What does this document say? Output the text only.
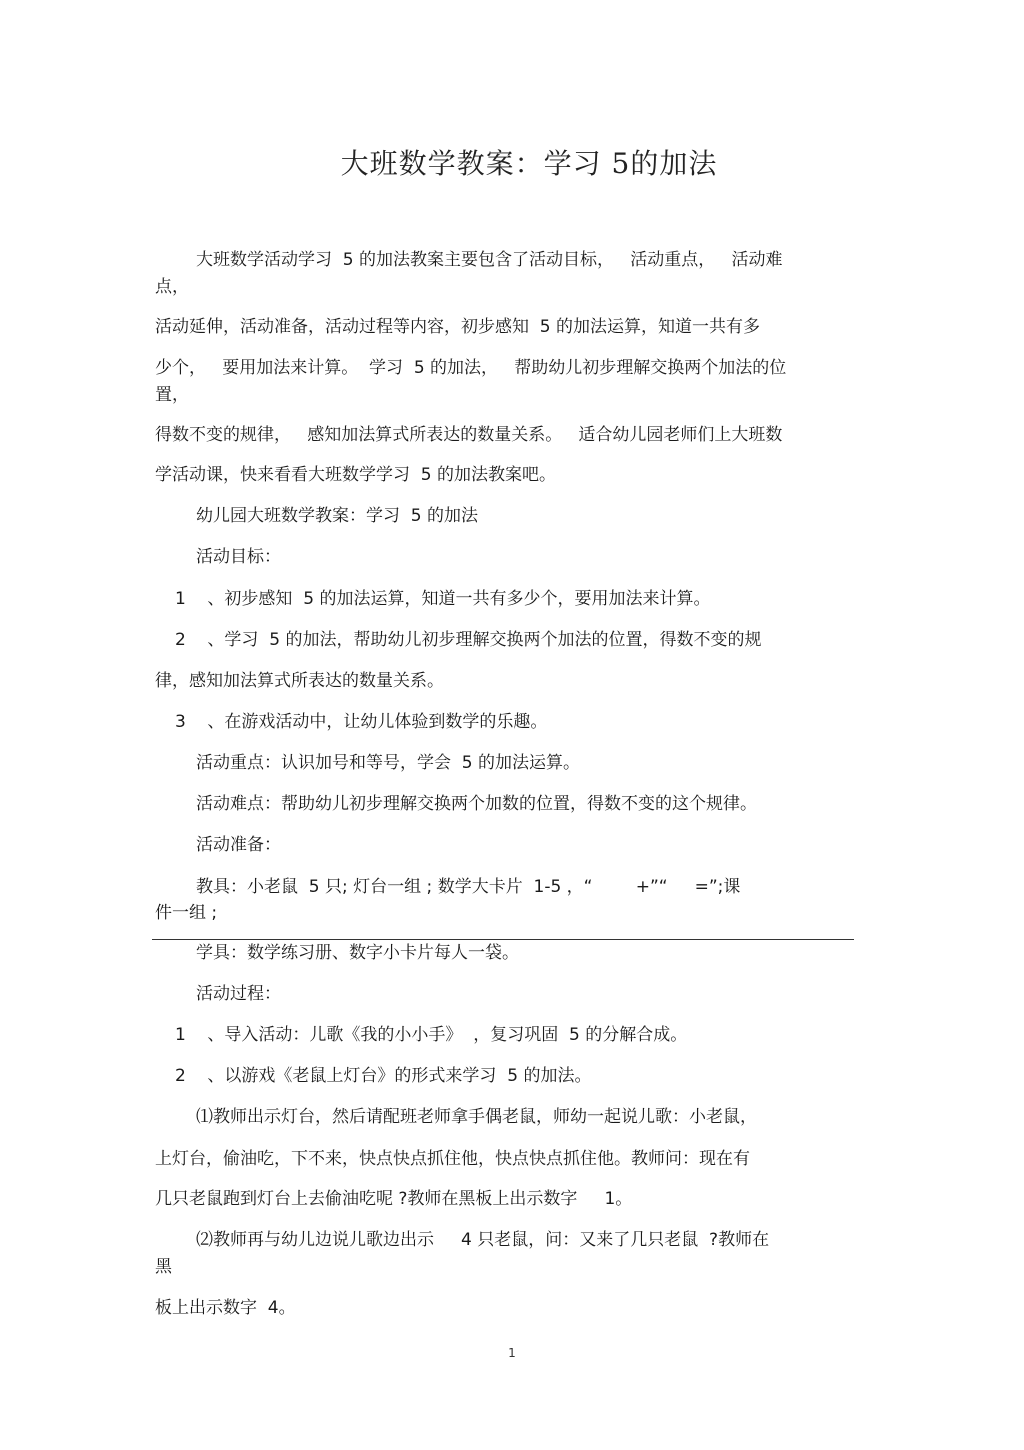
大班数学教案：学习 5的加法
大班数学活动学习  5 的加法教案主要包含了活动目标，   活动重点，   活动难
点，
活动延伸，活动准备，活动过程等内容，初步感知  5 的加法运算，知道一共有多
少个，   要用加法来计算。  学习  5 的加法，   帮助幼儿初步理解交换两个加法的位
置，
得数不变的规律，   感知加法算式所表达的数量关系。   适合幼儿园老师们上大班数
学活动课，快来看看大班数学学习  5 的加法教案吧。
幼儿园大班数学教案：学习  5 的加法
活动目标：
1    、初步感知  5 的加法运算，知道一共有多少个，要用加法来计算。
2    、学习  5 的加法，帮助幼儿初步理解交换两个加法的位置，得数不变的规
律，感知加法算式所表达的数量关系。
3    、在游戏活动中，让幼儿体验到数学的乐趣。
活动重点：认识加号和等号，学会  5 的加法运算。
活动难点：帮助幼儿初步理解交换两个加数的位置，得数不变的这个规律。
活动准备：
教具：小老鼠  5 只; 灯台一组 ; 数学大卡片  1-5 ，“        +”“     =”;课
件一组 ;
学具：数学练习册、数字小卡片每人一袋。
活动过程：
1    、导入活动：儿歌《我的小小手》  ，复习巩固  5 的分解合成。
2    、以游戏《老鼠上灯台》的形式来学习  5 的加法。
⑴教师出示灯台，然后请配班老师拿手偶老鼠，师幼一起说儿歌：小老鼠，
上灯台，偷油吃，下不来，快点快点抓住他，快点快点抓住他。教师问：现在有
几只老鼠跑到灯台上去偷油吃呢 ?教师在黑板上出示数字     1。
⑵教师再与幼儿边说儿歌边出示     4 只老鼠，问：又来了几只老鼠  ?教师在
黑
板上出示数字  4。
1
